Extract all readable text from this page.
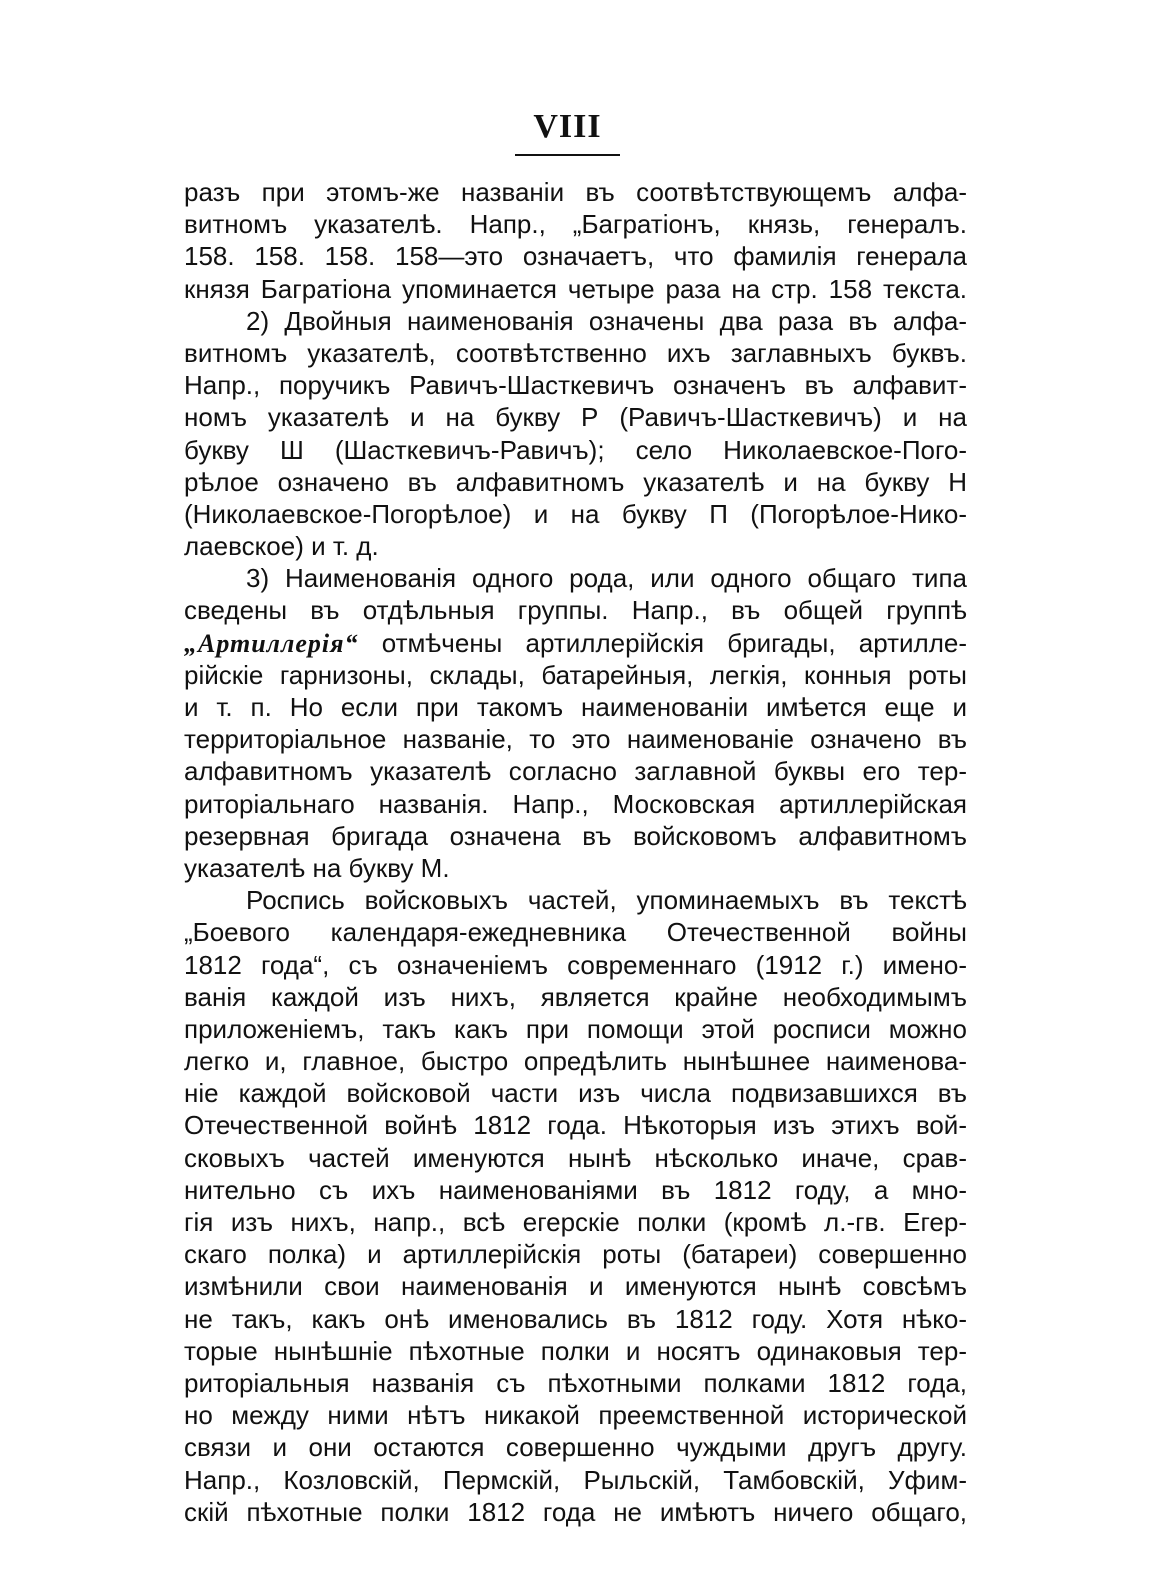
VIII
разъ при этомъ-же названіи въ соотвѣтствующемъ алфа-
витномъ указателѣ. Напр., „Багратіонъ, князь, генералъ.
158. 158. 158. 158—это означаетъ, что фамилія генерала
князя Багратіона упоминается четыре раза на стр. 158 текста.
2) Двойныя наименованія означены два раза въ алфа-
витномъ указателѣ, соотвѣтственно ихъ заглавныхъ буквъ.
Напр., поручикъ Равичъ-Шасткевичъ означенъ въ алфавит-
номъ указателѣ и на букву Р (Равичъ-Шасткевичъ) и на
букву Ш (Шасткевичъ-Равичъ); село Николаевское-Пого-
рѣлое означено въ алфавитномъ указателѣ и на букву Н
(Николаевское-Погорѣлое) и на букву П (Погорѣлое-Нико-
лаевское) и т. д.
3) Наименованія одного рода, или одного общаго типа
сведены въ отдѣльныя группы. Напр., въ общей группѣ
„Артиллерія“ отмѣчены артиллерійскія бригады, артилле-
рійскіе гарнизоны, склады, батарейныя, легкія, конныя роты
и т. п. Но если при такомъ наименованіи имѣется еще и
территоріальное названіе, то это наименованіе означено въ
алфавитномъ указателѣ согласно заглавной буквы его тер-
риторіальнаго названія. Напр., Московская артиллерійская
резервная бригада означена въ войсковомъ алфавитномъ
указателѣ на букву М.
Роспись войсковыхъ частей, упоминаемыхъ въ текстѣ
„Боевого календаря-ежедневника Отечественной войны
1812 года“, съ означеніемъ современнаго (1912 г.) имено-
ванія каждой изъ нихъ, является крайне необходимымъ
приложеніемъ, такъ какъ при помощи этой росписи можно
легко и, главное, быстро опредѣлить нынѣшнее наименова-
ніе каждой войсковой части изъ числа подвизавшихся въ
Отечественной войнѣ 1812 года. Нѣкоторыя изъ этихъ вой-
сковыхъ частей именуются нынѣ нѣсколько иначе, срав-
нительно съ ихъ наименованіями въ 1812 году, а мно-
гія изъ нихъ, напр., всѣ егерскіе полки (кромѣ л.-гв. Егер-
скаго полка) и артиллерійскія роты (батареи) совершенно
измѣнили свои наименованія и именуются нынѣ совсѣмъ
не такъ, какъ онѣ именовались въ 1812 году. Хотя нѣко-
торые нынѣшніе пѣхотные полки и носятъ одинаковыя тер-
риторіальныя названія съ пѣхотными полками 1812 года,
но между ними нѣтъ никакой преемственной исторической
связи и они остаются совершенно чуждыми другъ другу.
Напр., Козловскій, Пермскій, Рыльскій, Тамбовскій, Уфим-
скій пѣхотные полки 1812 года не имѣютъ ничего общаго,
